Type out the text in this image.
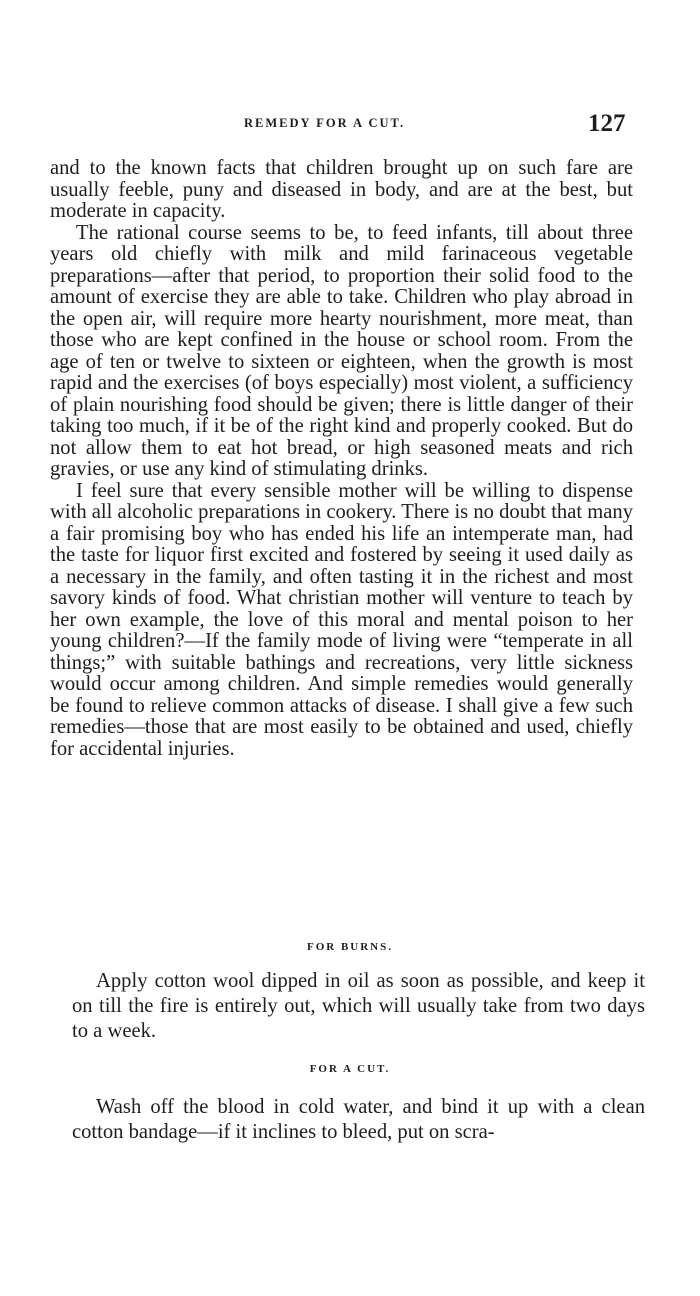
REMEDY FOR A CUT.	127

and to the known facts that children brought up on such fare are usually feeble, puny and diseased in body, and are at the best, but moderate in capacity.

The rational course seems to be, to feed infants, till about three years old chiefly with milk and mild farinaceous vegetable preparations—after that period, to proportion their solid food to the amount of exercise they are able to take. Children who play abroad in the open air, will require more hearty nourishment, more meat, than those who are kept confined in the house or school room. From the age of ten or twelve to sixteen or eighteen, when the growth is most rapid and the exercises (of boys especially) most violent, a sufficiency of plain nourishing food should be given; there is little danger of their taking too much, if it be of the right kind and properly cooked. But do not allow them to eat hot bread, or high seasoned meats and rich gravies, or use any kind of stimulating drinks.

I feel sure that every sensible mother will be willing to dispense with all alcoholic preparations in cookery. There is no doubt that many a fair promising boy who has ended his life an intemperate man, had the taste for liquor first excited and fostered by seeing it used daily as a necessary in the family, and often tasting it in the richest and most savory kinds of food. What christian mother will venture to teach by her own example, the love of this moral and mental poison to her young children?—If the family mode of living were “temperate in all things;” with suitable bathings and recreations, very little sickness would occur among children. And simple remedies would generally be found to relieve common attacks of disease. I shall give a few such remedies—those that are most easily to be obtained and used, chiefly for accidental injuries.

FOR BURNS.

Apply cotton wool dipped in oil as soon as possible, and keep it on till the fire is entirely out, which will usually take from two days to a week.

FOR A CUT.

Wash off the blood in cold water, and bind it up with a clean cotton bandage—if it inclines to bleed, put on scra-
